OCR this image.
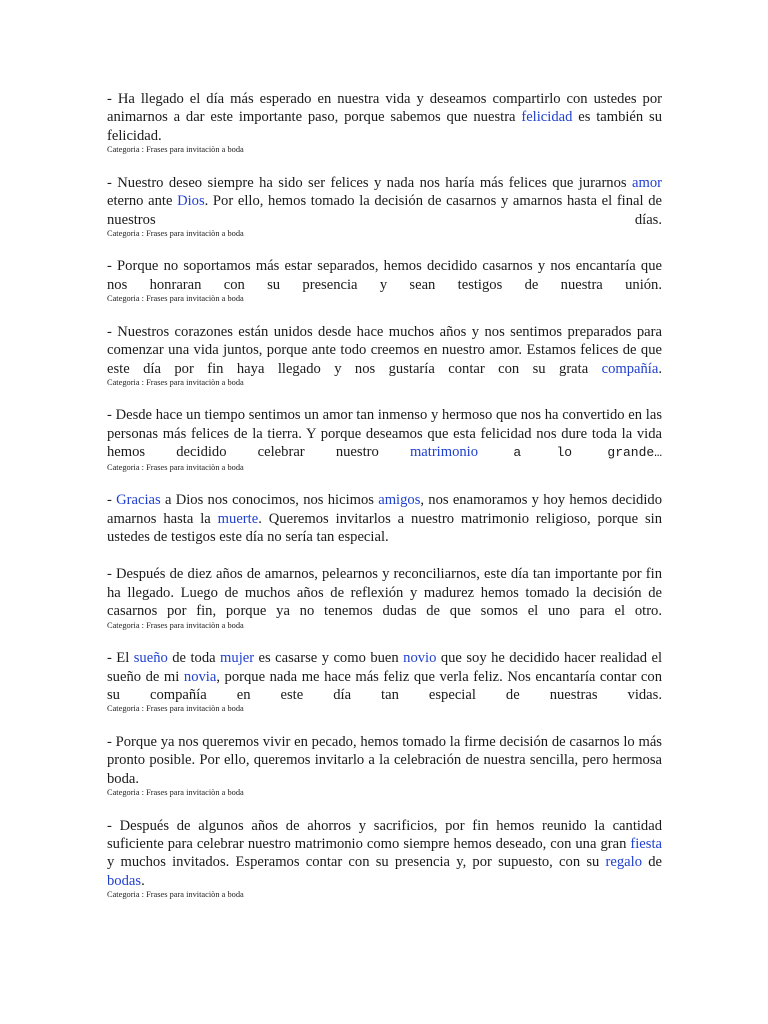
- Ha llegado el día más esperado en nuestra vida y deseamos compartirlo con ustedes por animarnos a dar este importante paso, porque sabemos que nuestra felicidad es también su felicidad.

Categoria : Frases para invitaciòn a boda

- Nuestro deseo siempre ha sido ser felices y nada nos haría más felices que jurarnos amor eterno ante Dios. Por ello, hemos tomado la decisión de casarnos y amarnos hasta el final de nuestros días.

Categoria : Frases para invitaciòn a boda

- Porque no soportamos más estar separados, hemos decidido casarnos y nos encantaría que nos honraran con su presencia y sean testigos de nuestra unión.

Categoria : Frases para invitaciòn a boda

- Nuestros corazones están unidos desde hace muchos años y nos sentimos preparados para comenzar una vida juntos, porque ante todo creemos en nuestro amor. Estamos felices de que este día por fin haya llegado y nos gustaría contar con su grata compañía.

Categoria : Frases para invitaciòn a boda

- Desde hace un tiempo sentimos un amor tan inmenso y hermoso que nos ha convertido en las personas más felices de la tierra. Y porque deseamos que esta felicidad nos dure toda la vida hemos decidido celebrar nuestro matrimonio a lo grande…

Categoria : Frases para invitaciòn a boda

- Gracias a Dios nos conocimos, nos hicimos amigos, nos enamoramos y hoy hemos decidido amarnos hasta la muerte. Queremos invitarlos a nuestro matrimonio religioso, porque sin ustedes de testigos este día no sería tan especial.

- Después de diez años de amarnos, pelearnos y reconciliarnos, este día tan importante por fin ha llegado. Luego de muchos años de reflexión y madurez hemos tomado la decisión de casarnos por fin, porque ya no tenemos dudas de que somos el uno para el otro.

Categoria : Frases para invitaciòn a boda

- El sueño de toda mujer es casarse y como buen novio que soy he decidido hacer realidad el sueño de mi novia, porque nada me hace más feliz que verla feliz. Nos encantaría contar con su compañía en este día tan especial de nuestras vidas.

Categoria : Frases para invitaciòn a boda

- Porque ya nos queremos vivir en pecado, hemos tomado la firme decisión de casarnos lo más pronto posible. Por ello, queremos invitarlo a la celebración de nuestra sencilla, pero hermosa boda.

Categoria : Frases para invitaciòn a boda

- Después de algunos años de ahorros y sacrificios, por fin hemos reunido la cantidad suficiente para celebrar nuestro matrimonio como siempre hemos deseado, con una gran fiesta y muchos invitados. Esperamos contar con su presencia y, por supuesto, con su regalo de bodas.

Categoria : Frases para invitaciòn a boda
